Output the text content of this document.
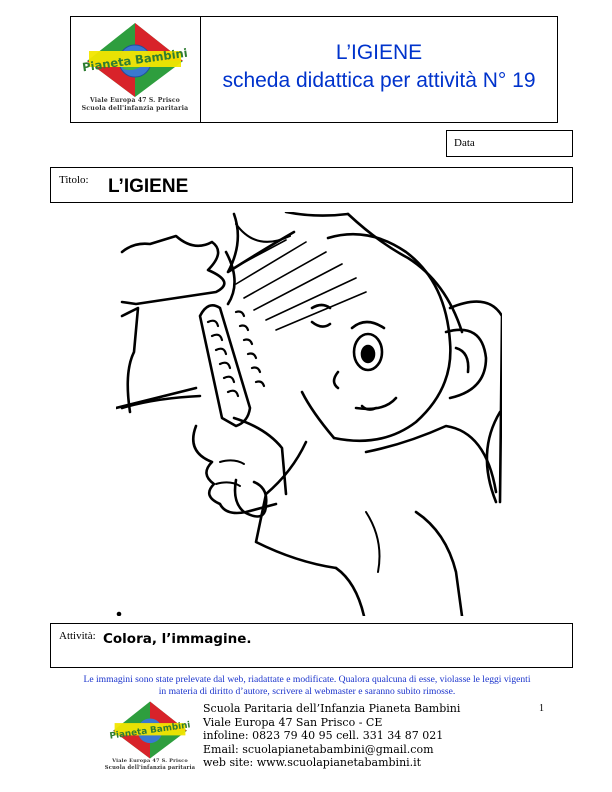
Pianeta Bambini
Viale Europa 47 S. Prisco
Scuola dell'infanzia paritaria
L’IGIENE
scheda didattica per attività N° 19
Data
Titolo: L’IGIENE
Attività: Colora, l’immagine.
Le immagini sono state prelevate dal web, riadattate e modificate. Qualora qualcuna di esse, violasse le leggi vigenti
in materia di diritto d’autore, scrivere al webmaster e saranno subito rimosse.
1
Pianeta Bambini
Viale Europa 47 S. Prisco
Scuola dell'infanzia paritaria
Scuola Paritaria dell’Infanzia Pianeta Bambini
Viale Europa 47 San Prisco - CE
infoline: 0823 79 40 95 cell. 331 34 87 021
Email: scuolapianetabambini@gmail.com
web site: www.scuolapianetabambini.it
